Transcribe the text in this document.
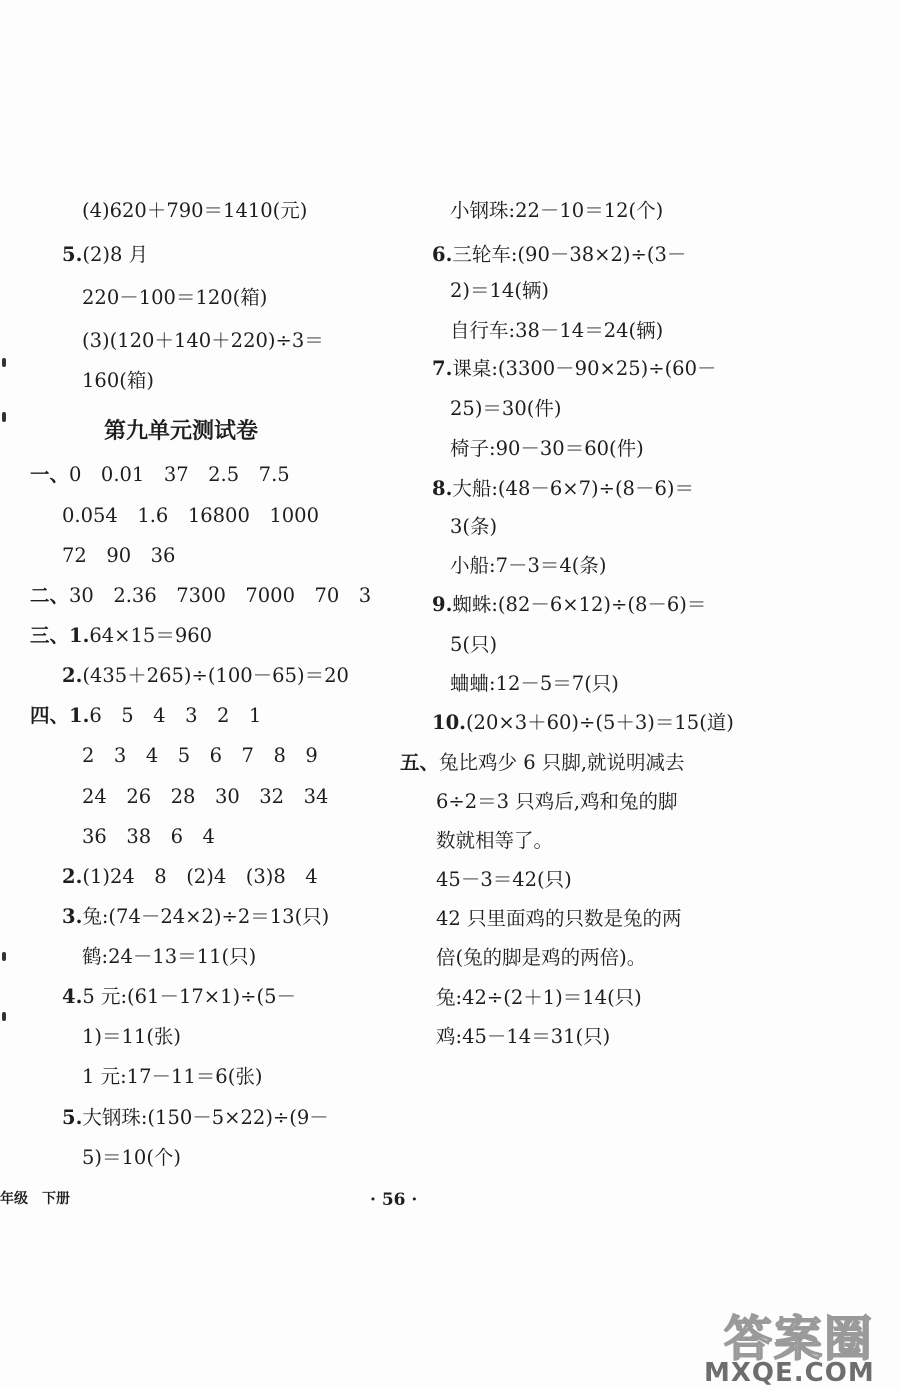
(4)620＋790＝1410(元)
5.(2)8 月
220－100＝120(箱)
(3)(120＋140＋220)÷3＝
160(箱)
第九单元测试卷
一、0　0.01　37　2.5　7.5
0.054　1.6　16800　1000
72　90　36
二、30　2.36　7300　7000　70　3
三、1.64×15＝960
2.(435＋265)÷(100－65)＝20
四、1.6　5　4　3　2　1
2　3　4　5　6　7　8　9
24　26　28　30　32　34
36　38　6　4
2.(1)24　8　(2)4　(3)8　4
3.兔:(74－24×2)÷2＝13(只)
鹤:24－13＝11(只)
4.5 元:(61－17×1)÷(5－
1)＝11(张)
1 元:17－11＝6(张)
5.大钢珠:(150－5×22)÷(9－
5)＝10(个)
小钢珠:22－10＝12(个)
6.三轮车:(90－38×2)÷(3－
2)＝14(辆)
自行车:38－14＝24(辆)
7.课桌:(3300－90×25)÷(60－
25)＝30(件)
椅子:90－30＝60(件)
8.大船:(48－6×7)÷(8－6)＝
3(条)
小船:7－3＝4(条)
9.蜘蛛:(82－6×12)÷(8－6)＝
5(只)
蛐蛐:12－5＝7(只)
10.(20×3＋60)÷(5＋3)＝15(道)
五、兔比鸡少 6 只脚,就说明减去
6÷2＝3 只鸡后,鸡和兔的脚
数就相等了。
45－3＝42(只)
42 只里面鸡的只数是兔的两
倍(兔的脚是鸡的两倍)。
兔:42÷(2＋1)＝14(只)
鸡:45－14＝31(只)
年级　下册	· 56 ·
答案圈
MXQE.COM
